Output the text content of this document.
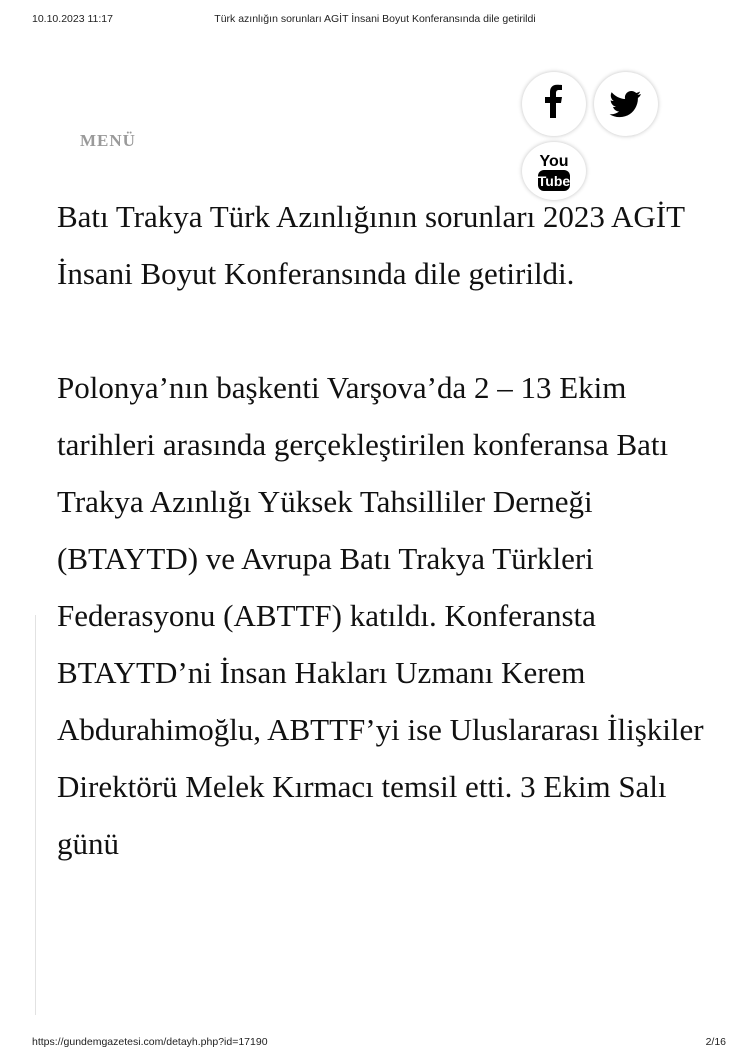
10.10.2023 11:17	Türk azınlığın sorunları AGİT İnsani Boyut Konferansında dile getirildi
You
Tube
MENÜ

Batı Trakya Türk Azınlığının sorunları 2023 AGİT İnsani Boyut Konferansında dile getirildi.

Polonya’nın başkenti Varşova’da 2 – 13 Ekim tarihleri arasında gerçekleştirilen konferansa Batı Trakya Azınlığı Yüksek Tahsilliler Derneği (BTAYTD) ve Avrupa Batı Trakya Türkleri Federasyonu (ABTTF) katıldı. Konferansta BTAYTD’ni İnsan Hakları Uzmanı Kerem Abdurahimoğlu, ABTTF’yi ise Uluslararası İlişkiler Direktörü Melek Kırmacı temsil etti. 3 Ekim Salı günü

https://gundemgazetesi.com/detayh.php?id=17190	2/16
